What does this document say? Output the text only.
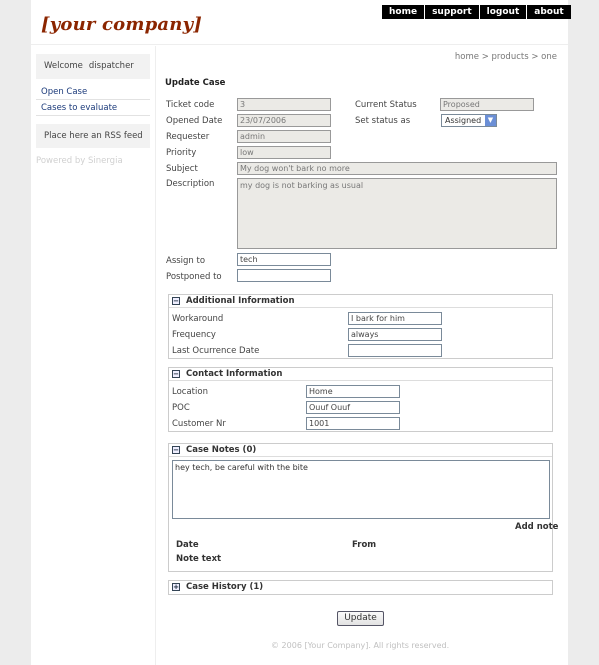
[your company]
home	support	logout	about us
Welcome dispatcher
Open Case
Cases to evaluate
Place here an RSS feed
Powered by Sinergia
home > products > one
Update Case
Ticket code	3
Opened Date	23/07/2006
Requester	admin
Priority	low
Subject	My dog won't bark no more
Description	my dog is not barking as usual
Current Status	Proposed
Set status as	Assigned ▼
Assign to	tech
Postponed to
− Additional Information
Workaround	I bark for him
Frequency	always
Last Ocurrence Date
− Contact Information
Location	Home
POC	Ouuf Ouuf
Customer Nr	1001
− Case Notes (0)
hey tech, be careful with the bite
Add note
Date	From
Note text
+ Case History (1)
Update
© 2006 [Your Company]. All rights reserved.
